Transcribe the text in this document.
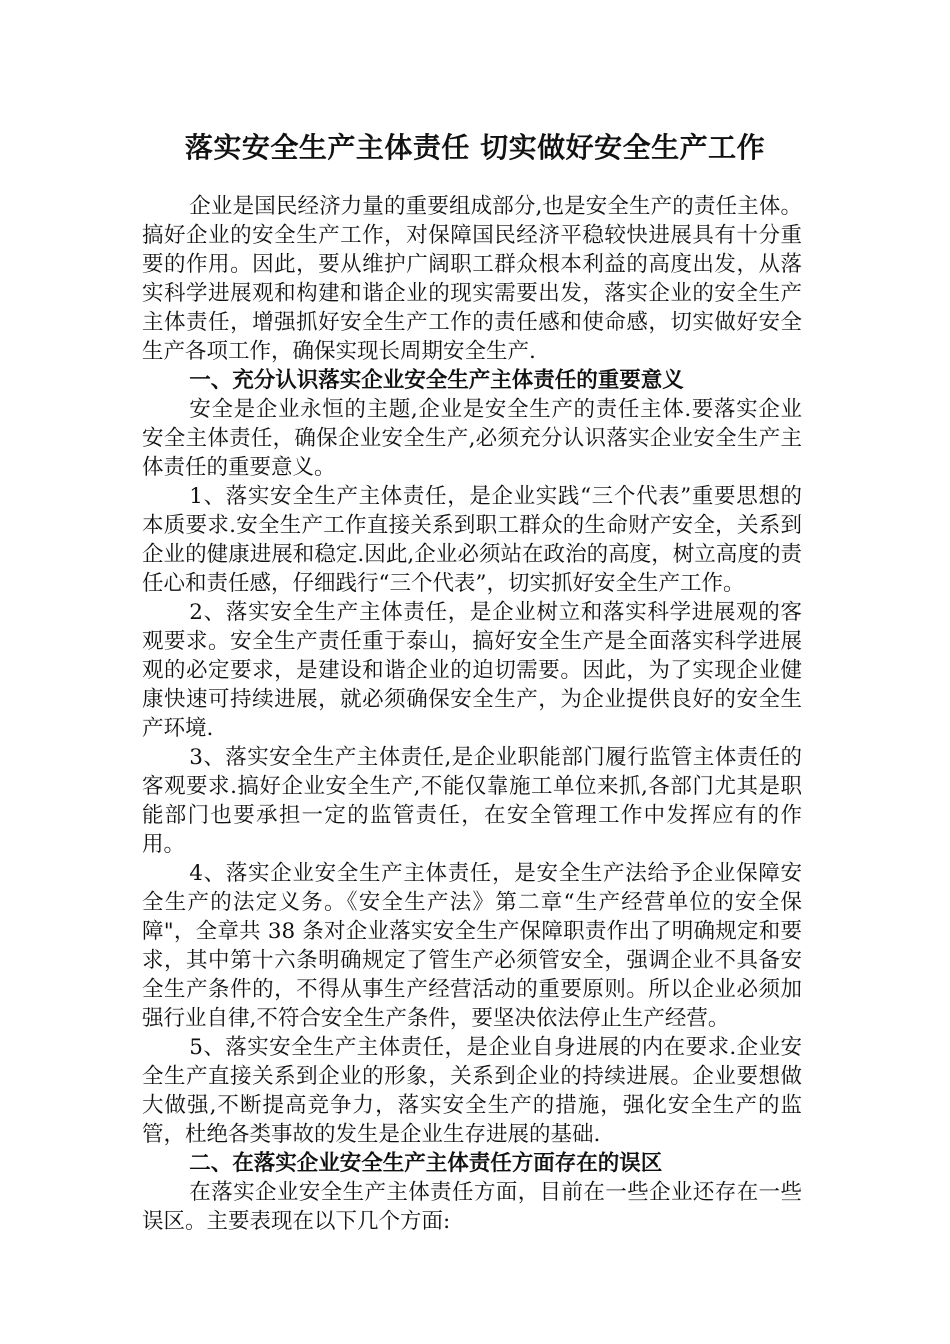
落实安全生产主体责任 切实做好安全生产工作

企业是国民经济力量的重要组成部分,也是安全生产的责任主体。搞好企业的安全生产工作，对保障国民经济平稳较快进展具有十分重要的作用。因此，要从维护广阔职工群众根本利益的高度出发，从落实科学进展观和构建和谐企业的现实需要出发，落实企业的安全生产主体责任，增强抓好安全生产工作的责任感和使命感，切实做好安全生产各项工作，确保实现长周期安全生产.

一、充分认识落实企业安全生产主体责任的重要意义

安全是企业永恒的主题,企业是安全生产的责任主体.要落实企业安全主体责任，确保企业安全生产,必须充分认识落实企业安全生产主体责任的重要意义。

1、落实安全生产主体责任，是企业实践“三个代表”重要思想的本质要求.安全生产工作直接关系到职工群众的生命财产安全，关系到企业的健康进展和稳定.因此,企业必须站在政治的高度，树立高度的责任心和责任感，仔细践行“三个代表”，切实抓好安全生产工作。

2、落实安全生产主体责任，是企业树立和落实科学进展观的客观要求。安全生产责任重于泰山，搞好安全生产是全面落实科学进展观的必定要求，是建设和谐企业的迫切需要。因此，为了实现企业健康快速可持续进展，就必须确保安全生产，为企业提供良好的安全生产环境.

3、落实安全生产主体责任,是企业职能部门履行监管主体责任的客观要求.搞好企业安全生产,不能仅靠施工单位来抓,各部门尤其是职能部门也要承担一定的监管责任，在安全管理工作中发挥应有的作用。

4、落实企业安全生产主体责任，是安全生产法给予企业保障安全生产的法定义务。《安全生产法》第二章“生产经营单位的安全保障"，全章共 38 条对企业落实安全生产保障职责作出了明确规定和要求，其中第十六条明确规定了管生产必须管安全，强调企业不具备安全生产条件的，不得从事生产经营活动的重要原则。所以企业必须加强行业自律,不符合安全生产条件，要坚决依法停止生产经营。

5、落实安全生产主体责任，是企业自身进展的内在要求.企业安全生产直接关系到企业的形象，关系到企业的持续进展。企业要想做大做强,不断提高竞争力，落实安全生产的措施，强化安全生产的监管，杜绝各类事故的发生是企业生存进展的基础.

二、在落实企业安全生产主体责任方面存在的误区

在落实企业安全生产主体责任方面，目前在一些企业还存在一些误区。主要表现在以下几个方面:
